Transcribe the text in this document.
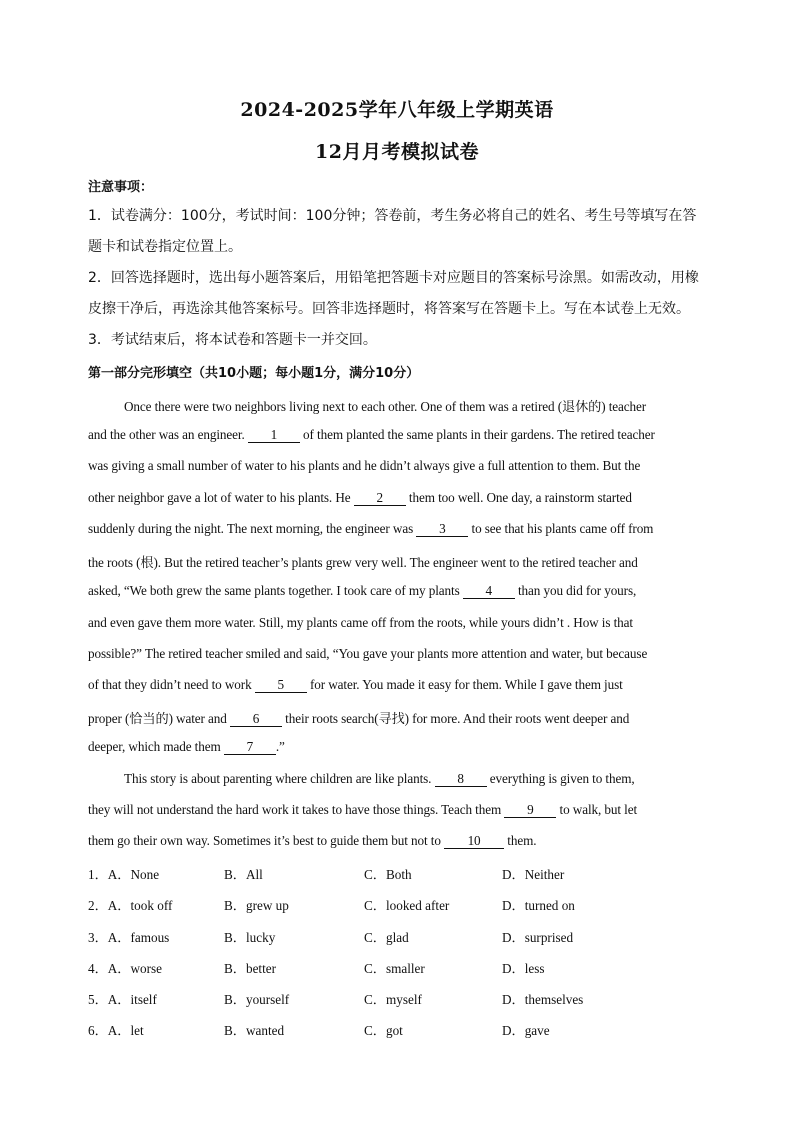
2024-2025学年八年级上学期英语
12月月考模拟试卷
注意事项：
1．试卷满分：100分，考试时间：100分钟；答卷前，考生务必将自己的姓名、考生号等填写在答题卡和试卷指定位置上。
2．回答选择题时，选出每小题答案后，用铅笔把答题卡对应题目的答案标号涂黑。如需改动，用橡皮擦干净后，再选涂其他答案标号。回答非选择题时，将答案写在答题卡上。写在本试卷上无效。
3．考试结束后，将本试卷和答题卡一并交回。
第一部分完形填空（共10小题；每小题1分，满分10分）
Once there were two neighbors living next to each other. One of them was a retired (退休的) teacher
and the other was an engineer. 1 of them planted the same plants in their gardens. The retired teacher
was giving a small number of water to his plants and he didn’t always give a full attention to them. But the
other neighbor gave a lot of water to his plants. He 2 them too well. One day, a rainstorm started
suddenly during the night. The next morning, the engineer was 3 to see that his plants came off from
the roots (根). But the retired teacher’s plants grew very well. The engineer went to the retired teacher and
asked, “We both grew the same plants together. I took care of my plants 4 than you did for yours,
and even gave them more water. Still, my plants came off from the roots, while yours didn’t . How is that
possible?” The retired teacher smiled and said, “You gave your plants more attention and water, but because
of that they didn’t need to work 5 for water. You made it easy for them. While I gave them just
proper (恰当的) water and 6 their roots search(寻找) for more. And their roots went deeper and
deeper, which made them 7 .”
This story is about parenting where children are like plants. 8 everything is given to them,
they will not understand the hard work it takes to have those things. Teach them 9 to walk, but let
them go their own way. Sometimes it’s best to guide them but not to 10 them.
1．A．None	B．All	C．Both	D．Neither
2．A．took off	B．grew up	C．looked after	D．turned on
3．A．famous	B．lucky	C．glad	D．surprised
4．A．worse	B．better	C．smaller	D．less
5．A．itself	B．yourself	C．myself	D．themselves
6．A．let	B．wanted	C．got	D．gave
